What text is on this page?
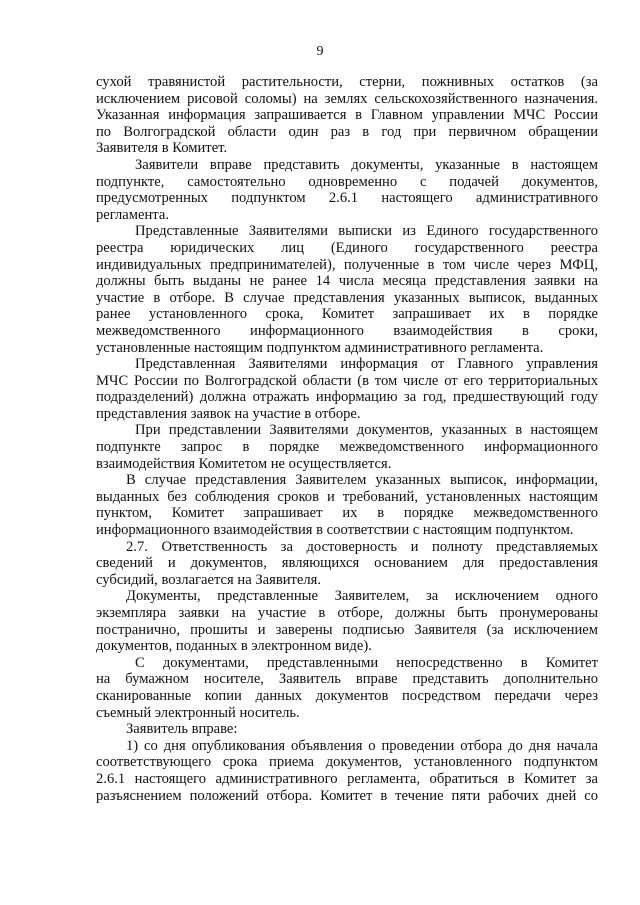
9
сухой травянистой растительности, стерни, пожнивных остатков (за
исключением рисовой соломы) на землях сельскохозяйственного назначения.
Указанная информация запрашивается в Главном управлении МЧС России
по Волгоградской области один раз в год при первичном обращении
Заявителя в Комитет.
Заявители вправе представить документы, указанные в настоящем
подпункте, самостоятельно одновременно с подачей документов,
предусмотренных подпунктом 2.6.1 настоящего административного
регламента.
Представленные Заявителями выписки из Единого государственного
реестра юридических лиц (Единого государственного реестра
индивидуальных предпринимателей), полученные в том числе через МФЦ,
должны быть выданы не ранее 14 числа месяца представления заявки на
участие в отборе. В случае представления указанных выписок, выданных
ранее установленного срока, Комитет запрашивает их в порядке
межведомственного информационного взаимодействия в сроки,
установленные настоящим подпунктом административного регламента.
Представленная Заявителями информация от Главного управления
МЧС России по Волгоградской области (в том числе от его территориальных
подразделений) должна отражать информацию за год, предшествующий году
представления заявок на участие в отборе.
При представлении Заявителями документов, указанных в настоящем
подпункте запрос в порядке межведомственного информационного
взаимодействия Комитетом не осуществляется.
В случае представления Заявителем указанных выписок, информации,
выданных без соблюдения сроков и требований, установленных настоящим
пунктом, Комитет запрашивает их в порядке межведомственного
информационного взаимодействия в соответствии с настоящим подпунктом.
2.7. Ответственность за достоверность и полноту представляемых
сведений и документов, являющихся основанием для предоставления
субсидий, возлагается на Заявителя.
Документы, представленные Заявителем, за исключением одного
экземпляра заявки на участие в отборе, должны быть пронумерованы
постранично, прошиты и заверены подписью Заявителя (за исключением
документов, поданных в электронном виде).
С документами, представленными непосредственно в Комитет
на бумажном носителе, Заявитель вправе представить дополнительно
сканированные копии данных документов посредством передачи через
съемный электронный носитель.
Заявитель вправе:
1) со дня опубликования объявления о проведении отбора до дня начала
соответствующего срока приема документов, установленного подпунктом
2.6.1 настоящего административного регламента, обратиться в Комитет за
разъяснением положений отбора. Комитет в течение пяти рабочих дней со
